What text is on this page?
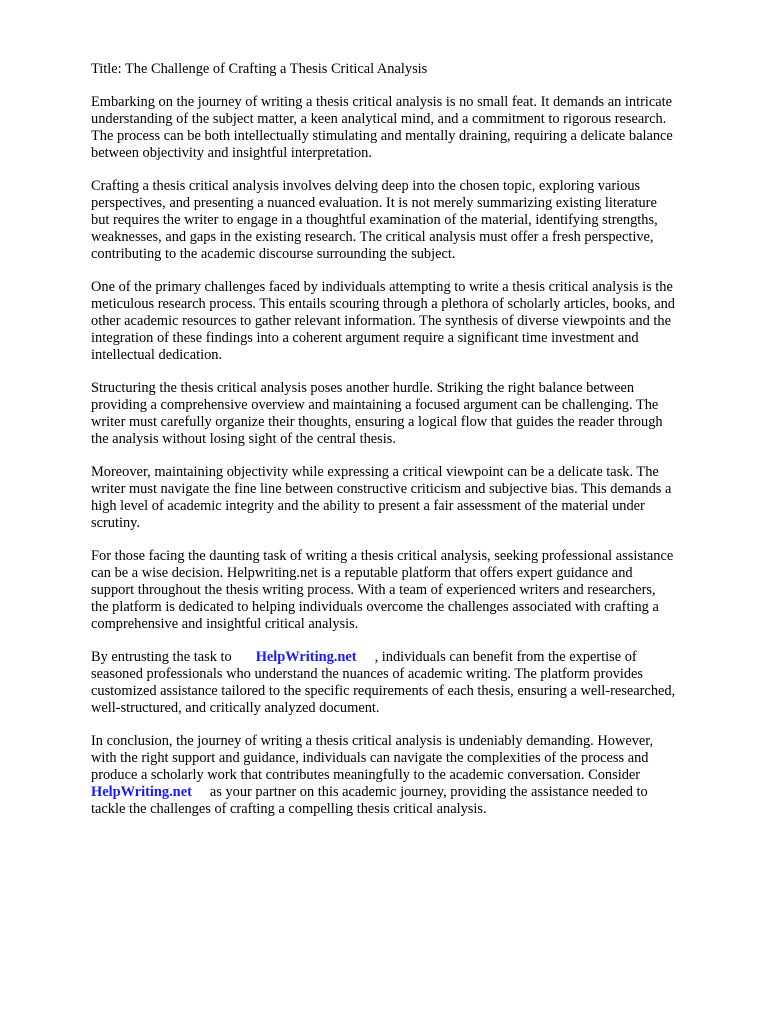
Title: The Challenge of Crafting a Thesis Critical Analysis
Embarking on the journey of writing a thesis critical analysis is no small feat. It demands an intricate
understanding of the subject matter, a keen analytical mind, and a commitment to rigorous research.
The process can be both intellectually stimulating and mentally draining, requiring a delicate balance
between objectivity and insightful interpretation.
Crafting a thesis critical analysis involves delving deep into the chosen topic, exploring various
perspectives, and presenting a nuanced evaluation. It is not merely summarizing existing literature
but requires the writer to engage in a thoughtful examination of the material, identifying strengths,
weaknesses, and gaps in the existing research. The critical analysis must offer a fresh perspective,
contributing to the academic discourse surrounding the subject.
One of the primary challenges faced by individuals attempting to write a thesis critical analysis is the
meticulous research process. This entails scouring through a plethora of scholarly articles, books, and
other academic resources to gather relevant information. The synthesis of diverse viewpoints and the
integration of these findings into a coherent argument require a significant time investment and
intellectual dedication.
Structuring the thesis critical analysis poses another hurdle. Striking the right balance between
providing a comprehensive overview and maintaining a focused argument can be challenging. The
writer must carefully organize their thoughts, ensuring a logical flow that guides the reader through
the analysis without losing sight of the central thesis.
Moreover, maintaining objectivity while expressing a critical viewpoint can be a delicate task. The
writer must navigate the fine line between constructive criticism and subjective bias. This demands a
high level of academic integrity and the ability to present a fair assessment of the material under
scrutiny.
For those facing the daunting task of writing a thesis critical analysis, seeking professional assistance
can be a wise decision. Helpwriting.net is a reputable platform that offers expert guidance and
support throughout the thesis writing process. With a team of experienced writers and researchers,
the platform is dedicated to helping individuals overcome the challenges associated with crafting a
comprehensive and insightful critical analysis.
By entrusting the task to HelpWriting.net , individuals can benefit from the expertise of
seasoned professionals who understand the nuances of academic writing. The platform provides
customized assistance tailored to the specific requirements of each thesis, ensuring a well-researched,
well-structured, and critically analyzed document.
In conclusion, the journey of writing a thesis critical analysis is undeniably demanding. However,
with the right support and guidance, individuals can navigate the complexities of the process and
produce a scholarly work that contributes meaningfully to the academic conversation. Consider
HelpWriting.net as your partner on this academic journey, providing the assistance needed to
tackle the challenges of crafting a compelling thesis critical analysis.
